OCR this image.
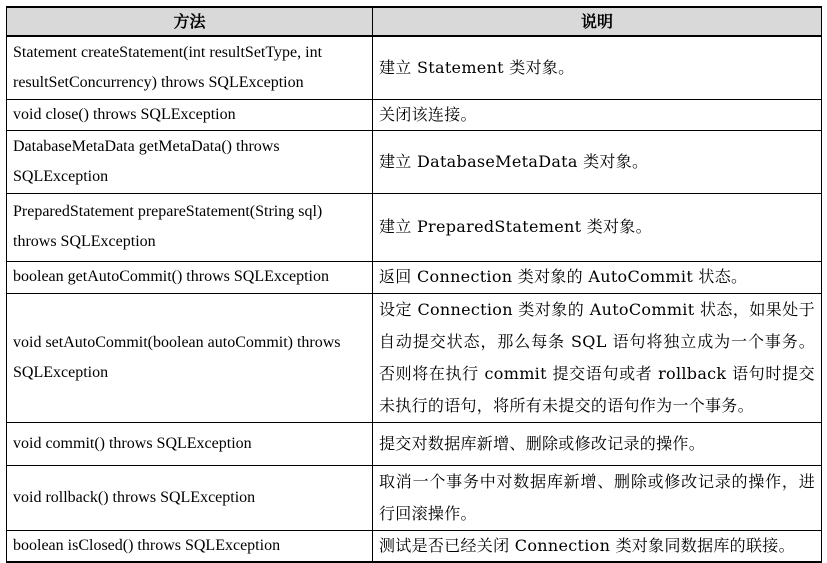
方法	说明
Statement createStatement(int resultSetType, int resultSetConcurrency) throws SQLException	建立 Statement 类对象。
void close() throws SQLException	关闭该连接。
DatabaseMetaData getMetaData() throws SQLException	建立 DatabaseMetaData 类对象。
PreparedStatement prepareStatement(String sql) throws SQLException	建立 PreparedStatement 类对象。
boolean getAutoCommit() throws SQLException	返回 Connection 类对象的 AutoCommit 状态。
void setAutoCommit(boolean autoCommit) throws SQLException	设定 Connection 类对象的 AutoCommit 状态，如果处于自动提交状态，那么每条 SQL 语句将独立成为一个事务。否则将在执行 commit 提交语句或者 rollback 语句时提交未执行的语句，将所有未提交的语句作为一个事务。
void commit() throws SQLException	提交对数据库新增、删除或修改记录的操作。
void rollback() throws SQLException	取消一个事务中对数据库新增、删除或修改记录的操作，进行回滚操作。
boolean isClosed() throws SQLException	测试是否已经关闭 Connection 类对象同数据库的联接。
